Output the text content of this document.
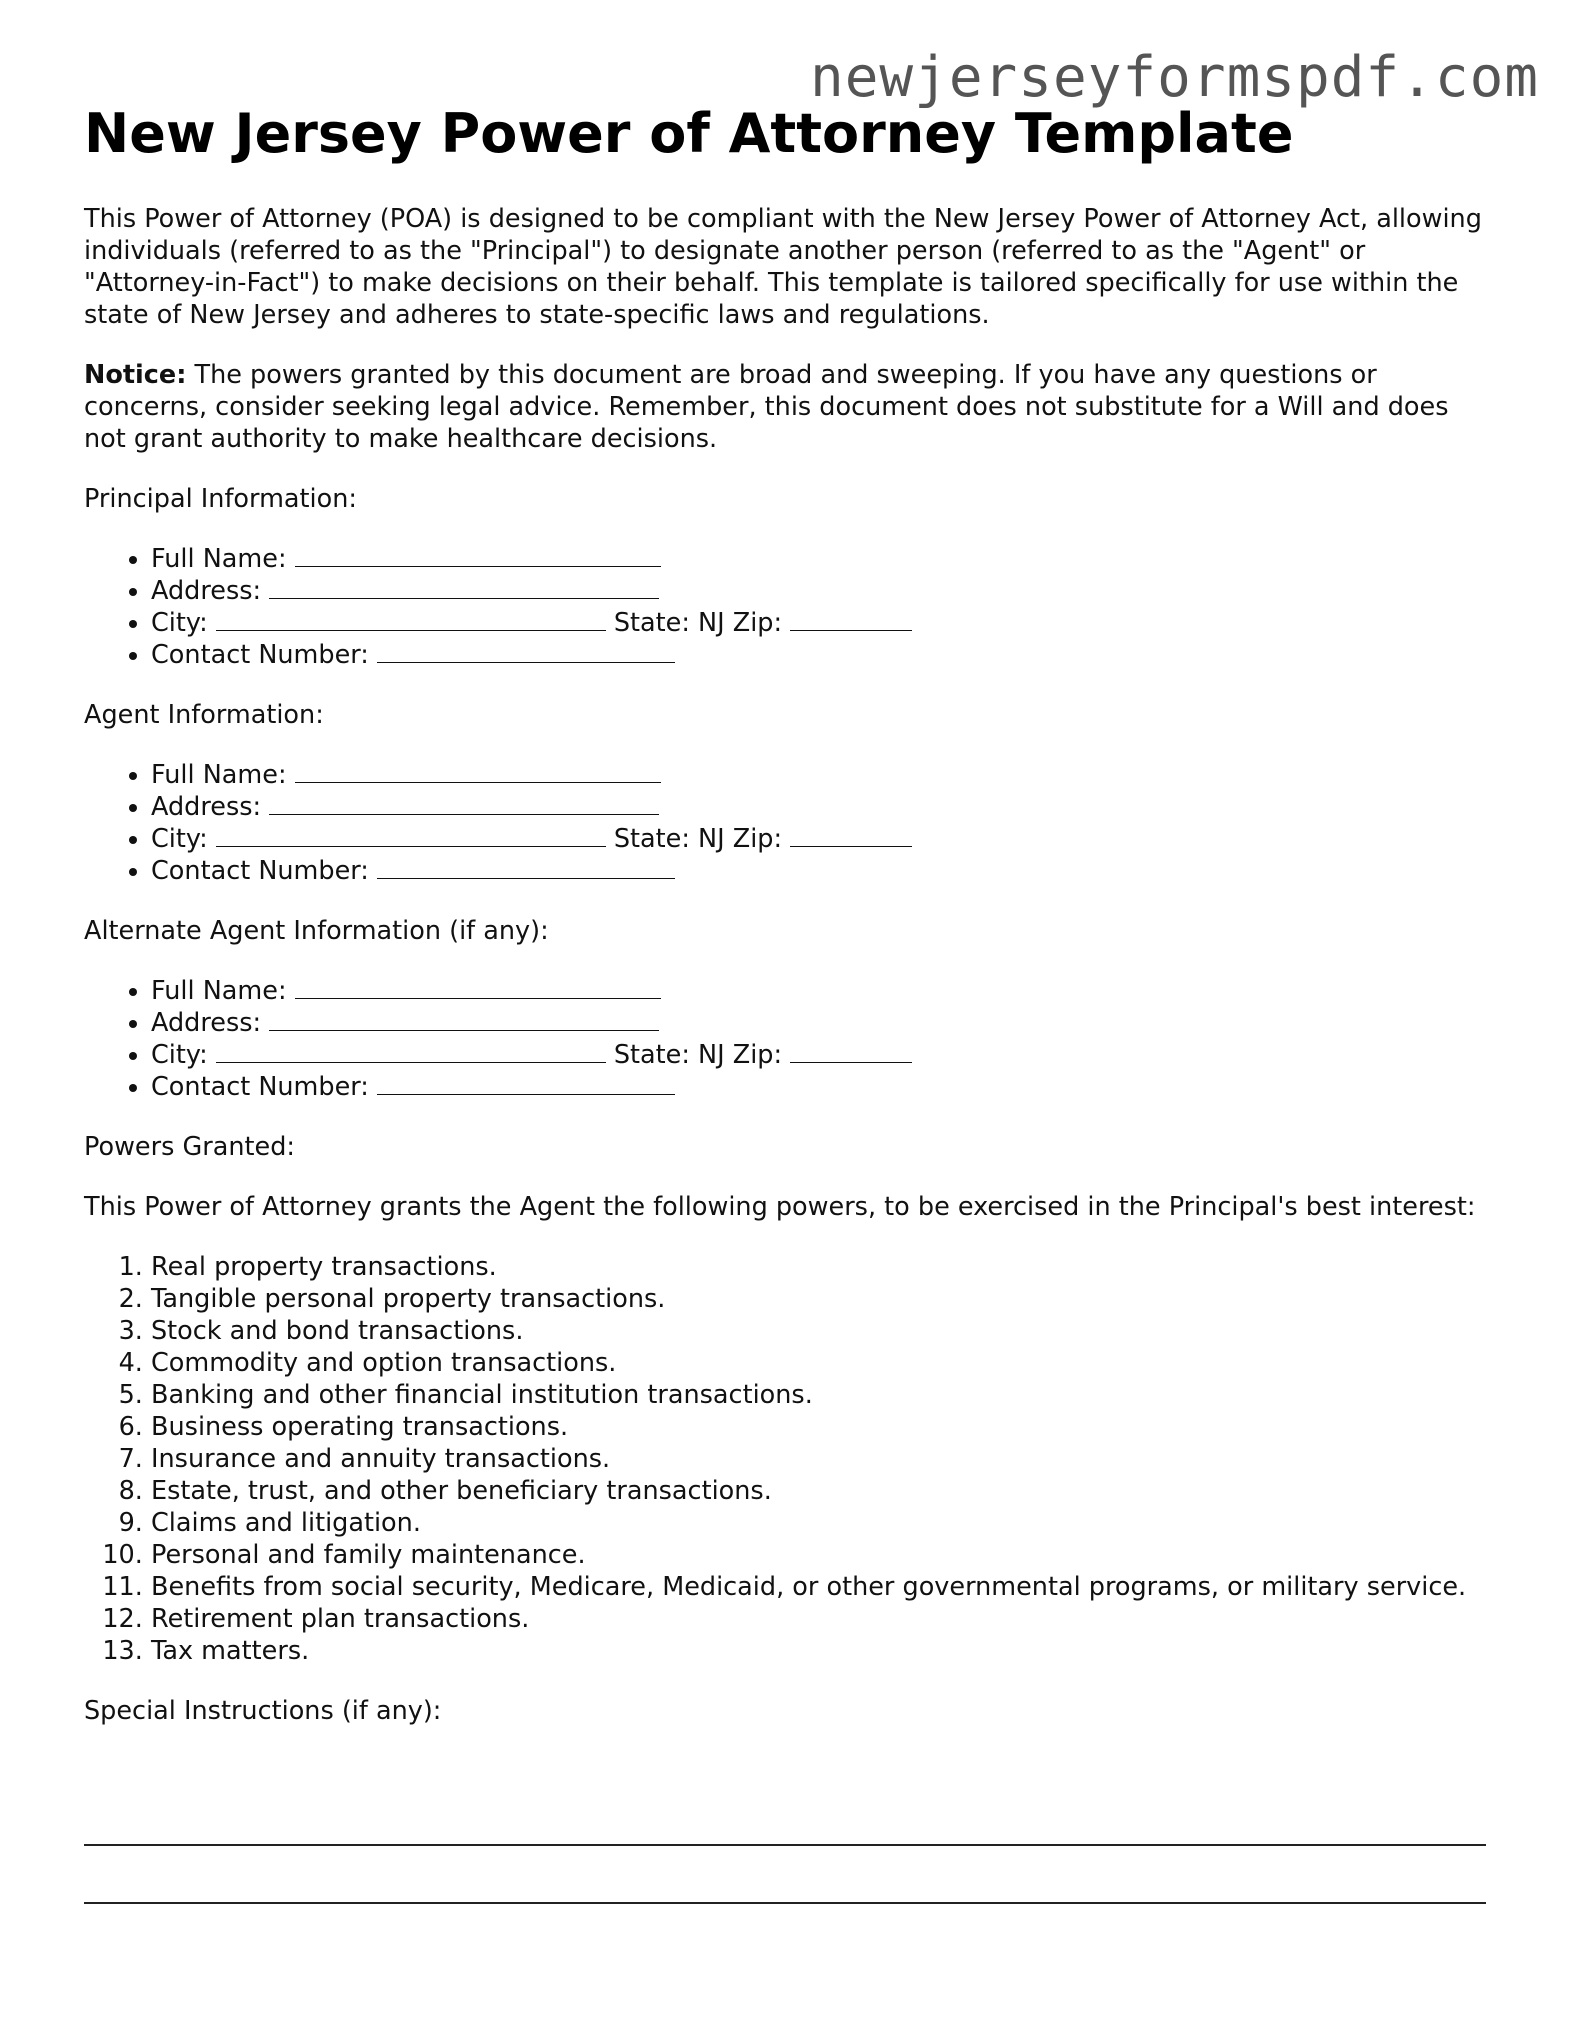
newjerseyformspdf.com
New Jersey Power of Attorney Template

This Power of Attorney (POA) is designed to be compliant with the New Jersey Power of Attorney Act, allowing individuals (referred to as the "Principal") to designate another person (referred to as the "Agent" or "Attorney-in-Fact") to make decisions on their behalf. This template is tailored specifically for use within the state of New Jersey and adheres to state-specific laws and regulations.

Notice: The powers granted by this document are broad and sweeping. If you have any questions or concerns, consider seeking legal advice. Remember, this document does not substitute for a Will and does not grant authority to make healthcare decisions.

Principal Information:
• Full Name:
• Address:
• City:	State: NJ Zip:
• Contact Number:
Agent Information:
• Full Name:
• Address:
• City:	State: NJ Zip:
• Contact Number:
Alternate Agent Information (if any):
• Full Name:
• Address:
• City:	State: NJ Zip:
• Contact Number:
Powers Granted:

This Power of Attorney grants the Agent the following powers, to be exercised in the Principal's best interest:

1. Real property transactions.
2. Tangible personal property transactions.
3. Stock and bond transactions.
4. Commodity and option transactions.
5. Banking and other financial institution transactions.
6. Business operating transactions.
7. Insurance and annuity transactions.
8. Estate, trust, and other beneficiary transactions.
9. Claims and litigation.
10. Personal and family maintenance.
11. Benefits from social security, Medicare, Medicaid, or other governmental programs, or military service.
12. Retirement plan transactions.
13. Tax matters.
Special Instructions (if any):
